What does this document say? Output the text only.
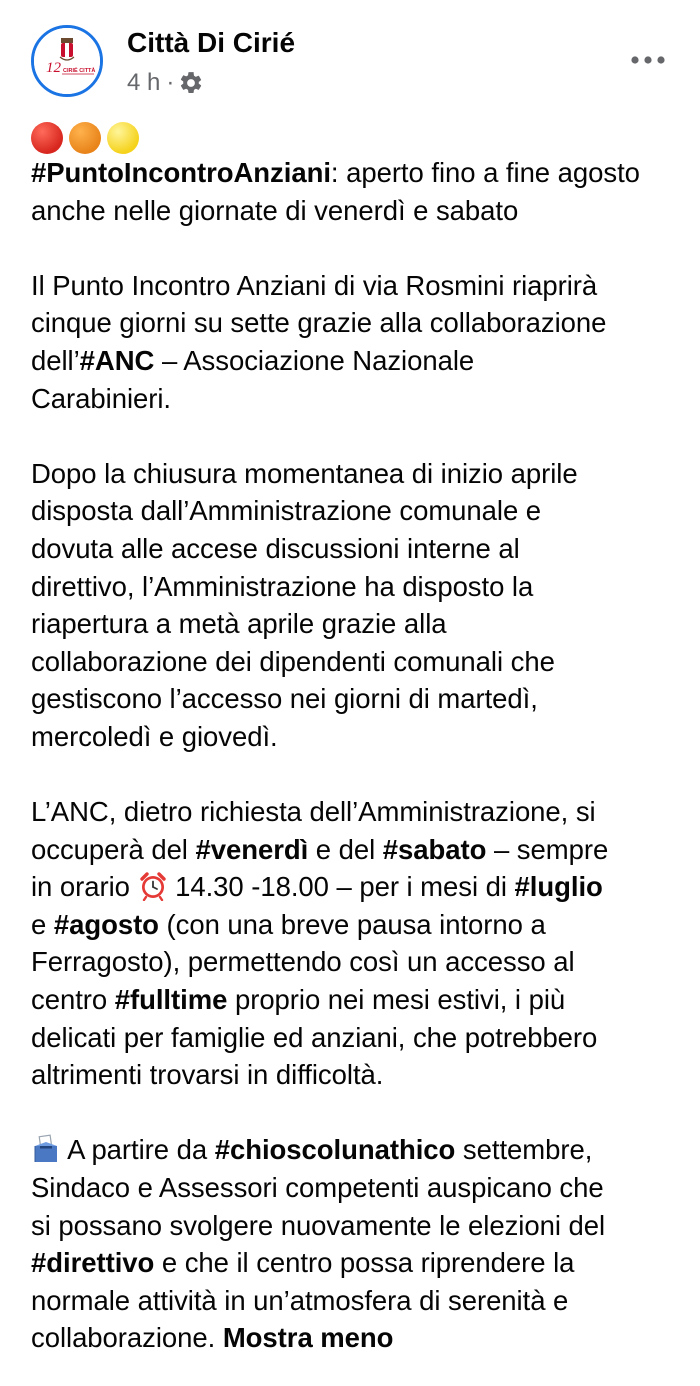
12 CIRIÉ CITTÀ
Città Di Cirié
4 h ·

#PuntoIncontroAnziani: aperto fino a fine agosto anche nelle giornate di venerdì e sabato

Il Punto Incontro Anziani di via Rosmini riaprirà
cinque giorni su sette grazie alla collaborazione
dell’#ANC – Associazione Nazionale
Carabinieri.

Dopo la chiusura momentanea di inizio aprile
disposta dall’Amministrazione comunale e
dovuta alle accese discussioni interne al
direttivo, l’Amministrazione ha disposto la
riapertura a metà aprile grazie alla
collaborazione dei dipendenti comunali che
gestiscono l’accesso nei giorni di martedì,
mercoledì e giovedì.

L’ANC, dietro richiesta dell’Amministrazione, si
occuperà del #venerdì e del #sabato – sempre
in orario  14.30 -18.00 – per i mesi di #luglio
e #agosto (con una breve pausa intorno a
Ferragosto), permettendo così un accesso al
centro #fulltime proprio nei mesi estivi, i più
delicati per famiglie ed anziani, che potrebbero
altrimenti trovarsi in difficoltà.

A partire da #chioscolunathico settembre,
Sindaco e Assessori competenti auspicano che
si possano svolgere nuovamente le elezioni del
#direttivo e che il centro possa riprendere la
normale attività in un’atmosfera di serenità e
collaborazione. Mostra meno
